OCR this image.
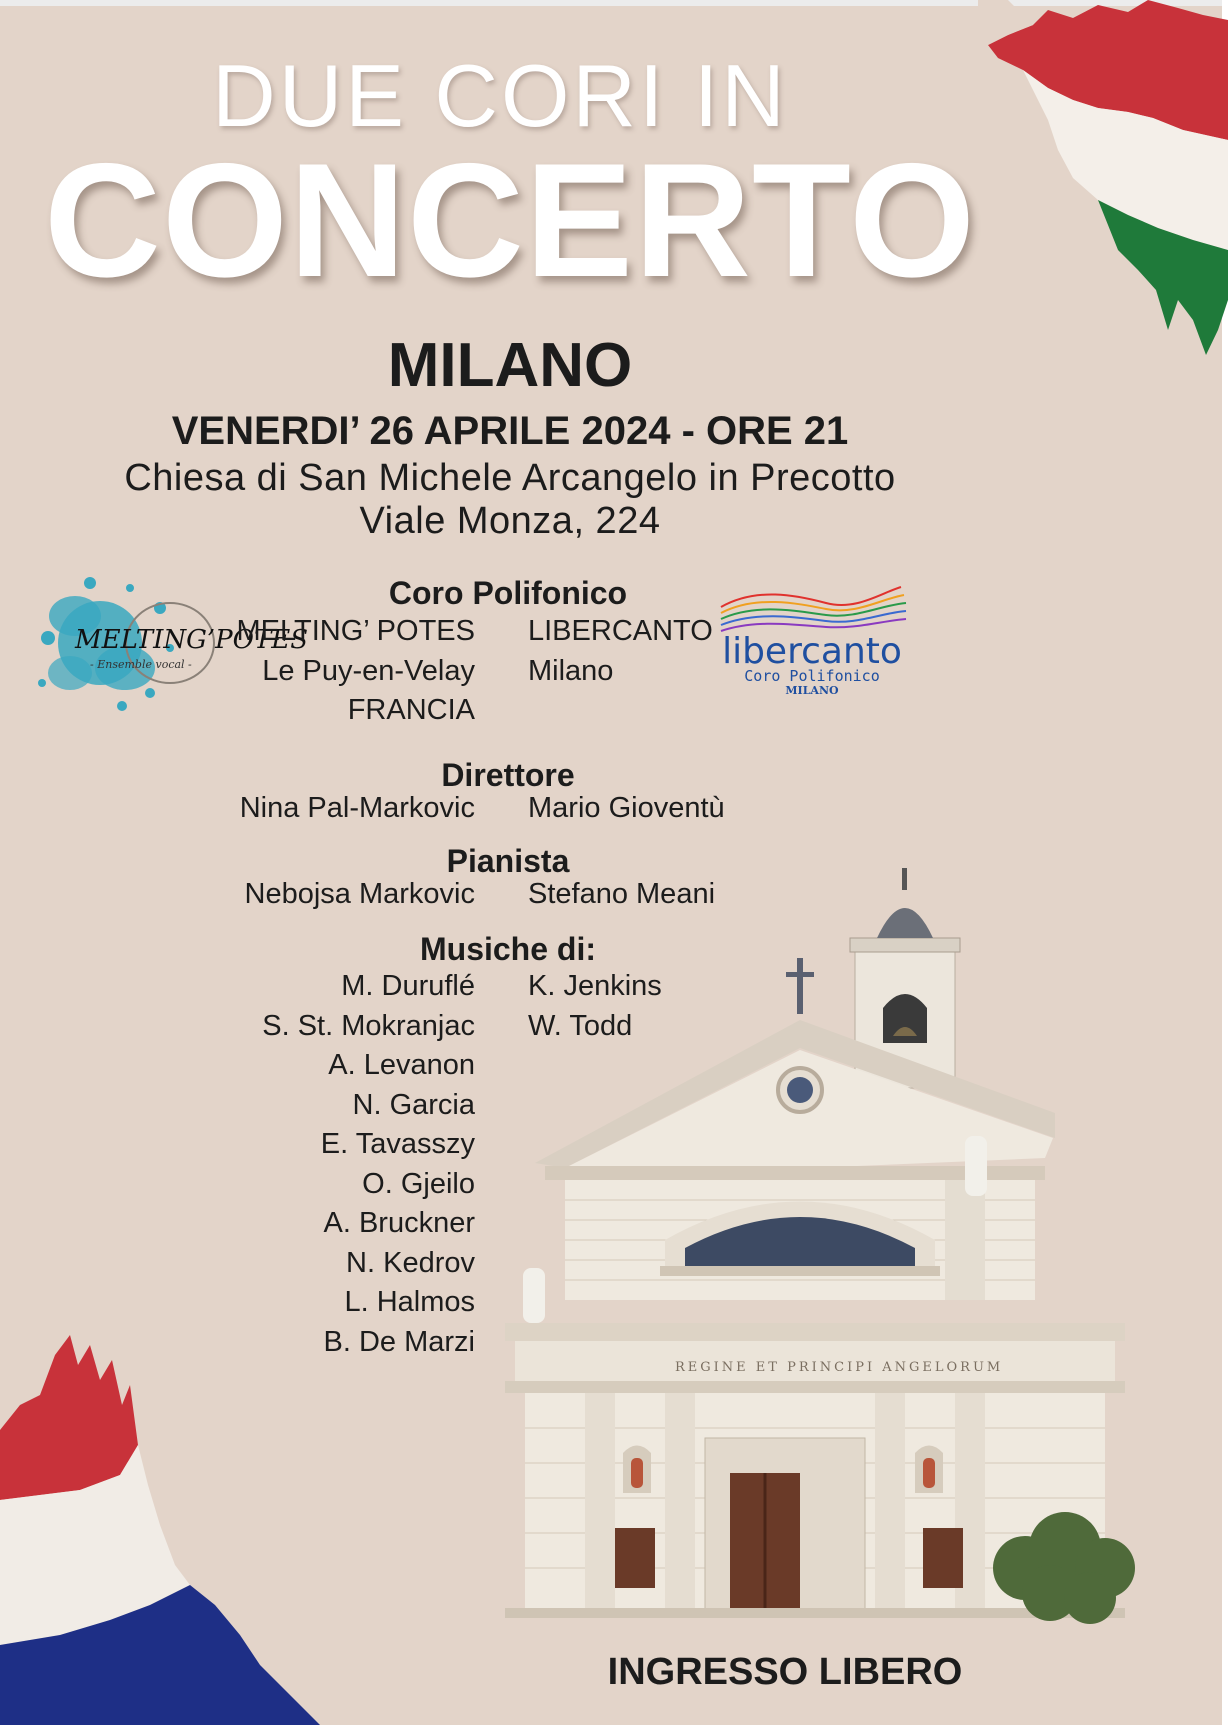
DUE CORI IN
CONCERTO
MILANO
VENERDI’ 26 APRILE 2024 - ORE 21
Chiesa di San Michele Arcangelo in Precotto
Viale Monza, 224
MELTING’POTES
- Ensemble vocal -	libercanto
Coro Polifonico
MILANO
Coro Polifonico
MELTING’ POTES
Le Puy-en-Velay
FRANCIA
LIBERCANTO
Milano
Direttore
Nina Pal-Markovic Mario Gioventù
Pianista
Nebojsa Markovic Stefano Meani
Musiche di:
M. Duruflé
S. St. Mokranjac
A. Levanon
N. Garcia
E. Tavasszy
O. Gjeilo
A. Bruckner
N. Kedrov
L. Halmos
B. De Marzi
K. Jenkins
W. Todd
REGINE ET PRINCIPI ANGELORUM
INGRESSO LIBERO
